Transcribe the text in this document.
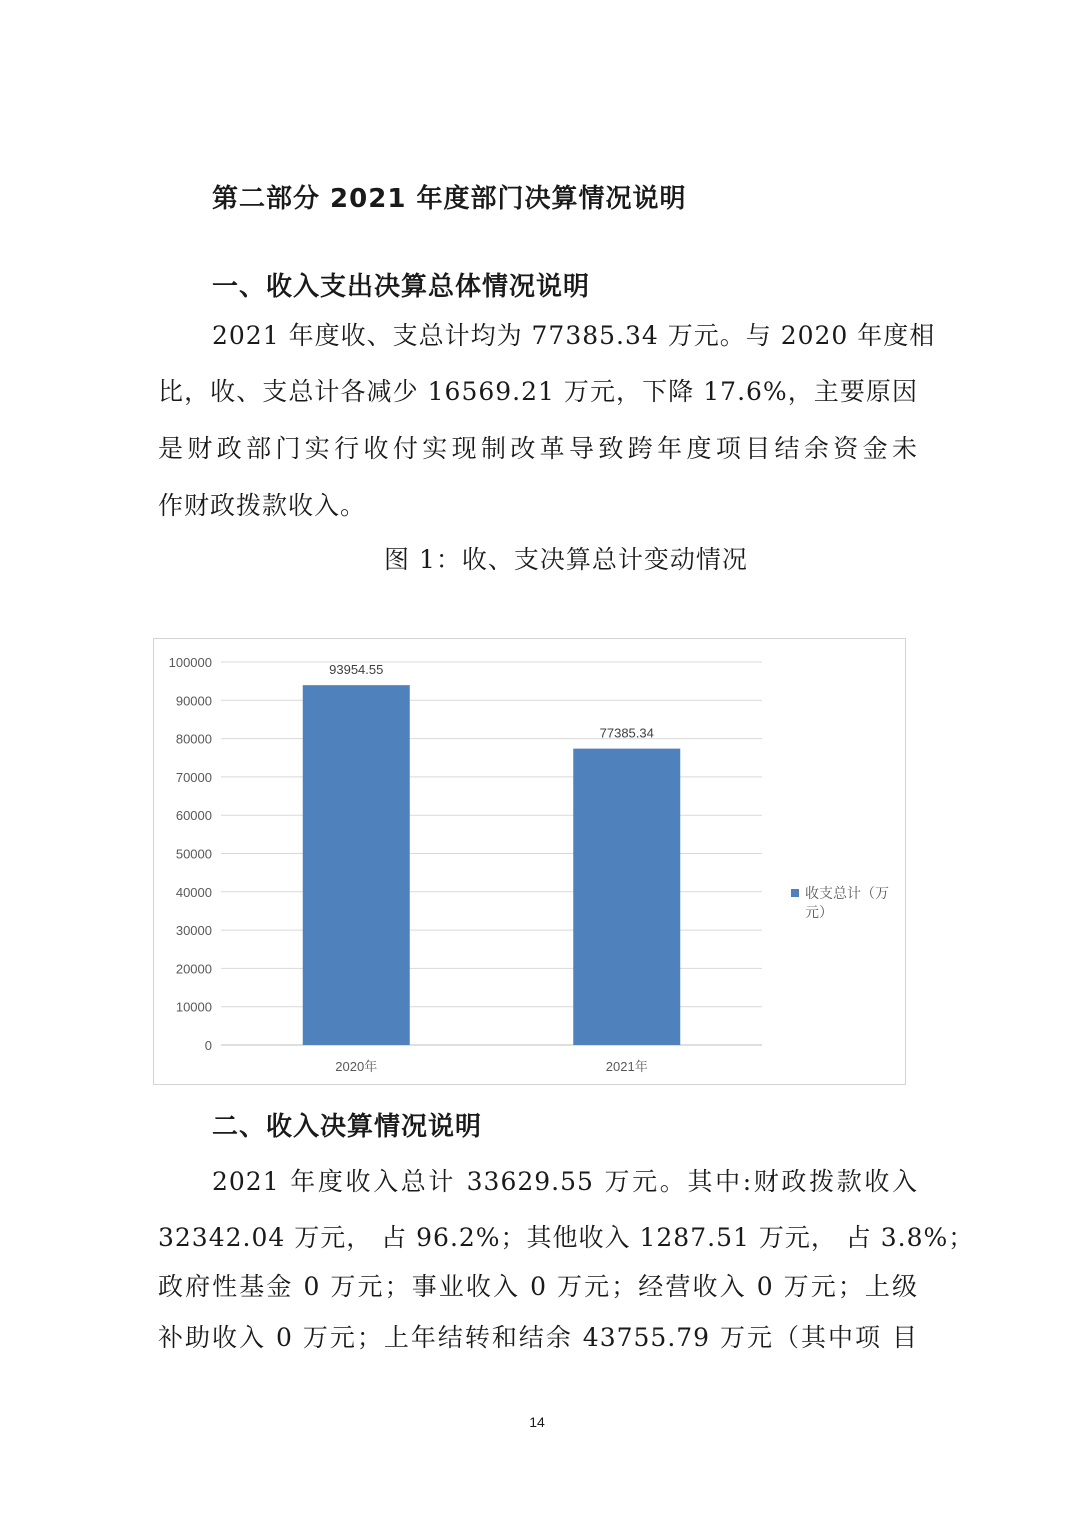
第二部分 2021 年度部门决算情况说明
一、收入支出决算总体情况说明
2021 年度收、支总计均为 77385.34 万元。与 2020 年度相
比，收、支总计各减少 16569.21 万元，下降 17.6%，主要原因
是财政部门实行收付实现制改革导致跨年度项目结余资金未
作财政拨款收入。
图 1：收、支决算总计变动情况
0
10000
20000
30000
40000
50000
60000
70000
80000
90000
100000	93954.55
2020年
77385.34
2021年
收支总计（万
元）
二、收入决算情况说明
2021 年度收入总计 33629.55 万元。其中:财政拨款收入
32342.04 万元， 占 96.2%；其他收入 1287.51 万元， 占 3.8%；
政府性基金 0 万元；事业收入 0 万元；经营收入 0 万元；上级
补助收入 0 万元；上年结转和结余 43755.79 万元（其中项 目
14
